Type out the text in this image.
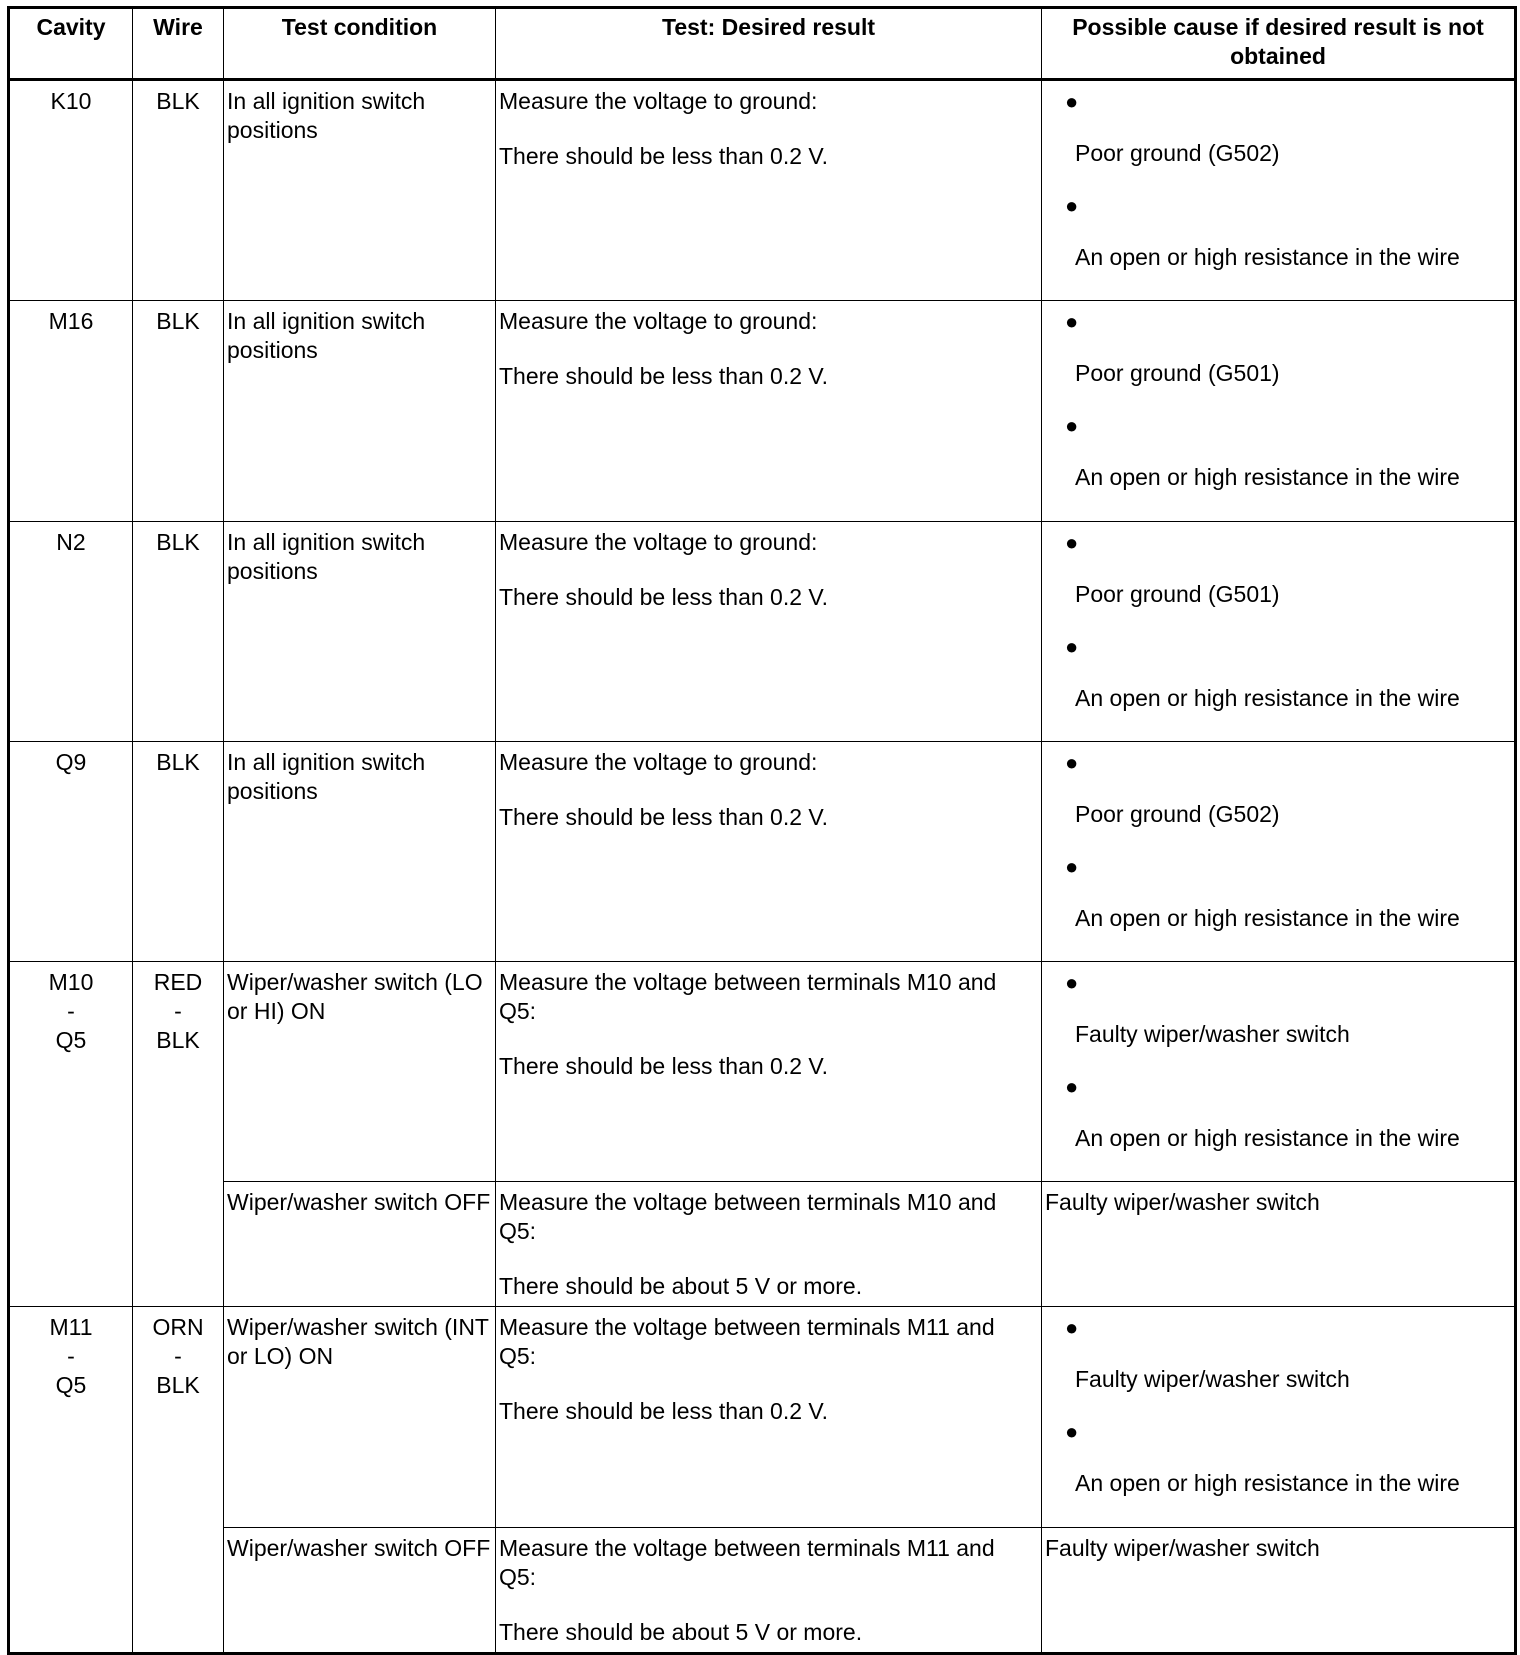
Cavity	Wire	Test condition	Test: Desired result	Possible cause if desired result is not obtained

K10	BLK	In all ignition switch positions	Measure the voltage to ground:
There should be less than 0.2 V.	●
Poor ground (G502)
●
An open or high resistance in the wire

M16	BLK	In all ignition switch positions	Measure the voltage to ground:
There should be less than 0.2 V.	●
Poor ground (G501)
●
An open or high resistance in the wire

N2	BLK	In all ignition switch positions	Measure the voltage to ground:
There should be less than 0.2 V.	●
Poor ground (G501)
●
An open or high resistance in the wire

Q9	BLK	In all ignition switch positions	Measure the voltage to ground:
There should be less than 0.2 V.	●
Poor ground (G502)
●
An open or high resistance in the wire

M10
-
Q5	RED
-
BLK	Wiper/washer switch (LO or HI) ON	Measure the voltage between terminals M10 and Q5:
There should be less than 0.2 V.	●
Faulty wiper/washer switch
●
An open or high resistance in the wire

		Wiper/washer switch OFF	Measure the voltage between terminals M10 and Q5:
There should be about 5 V or more.	Faulty wiper/washer switch

M11
-
Q5	ORN
-
BLK	Wiper/washer switch (INT or LO) ON	Measure the voltage between terminals M11 and Q5:
There should be less than 0.2 V.	●
Faulty wiper/washer switch
●
An open or high resistance in the wire

		Wiper/washer switch OFF	Measure the voltage between terminals M11 and Q5:
There should be about 5 V or more.	Faulty wiper/washer switch
